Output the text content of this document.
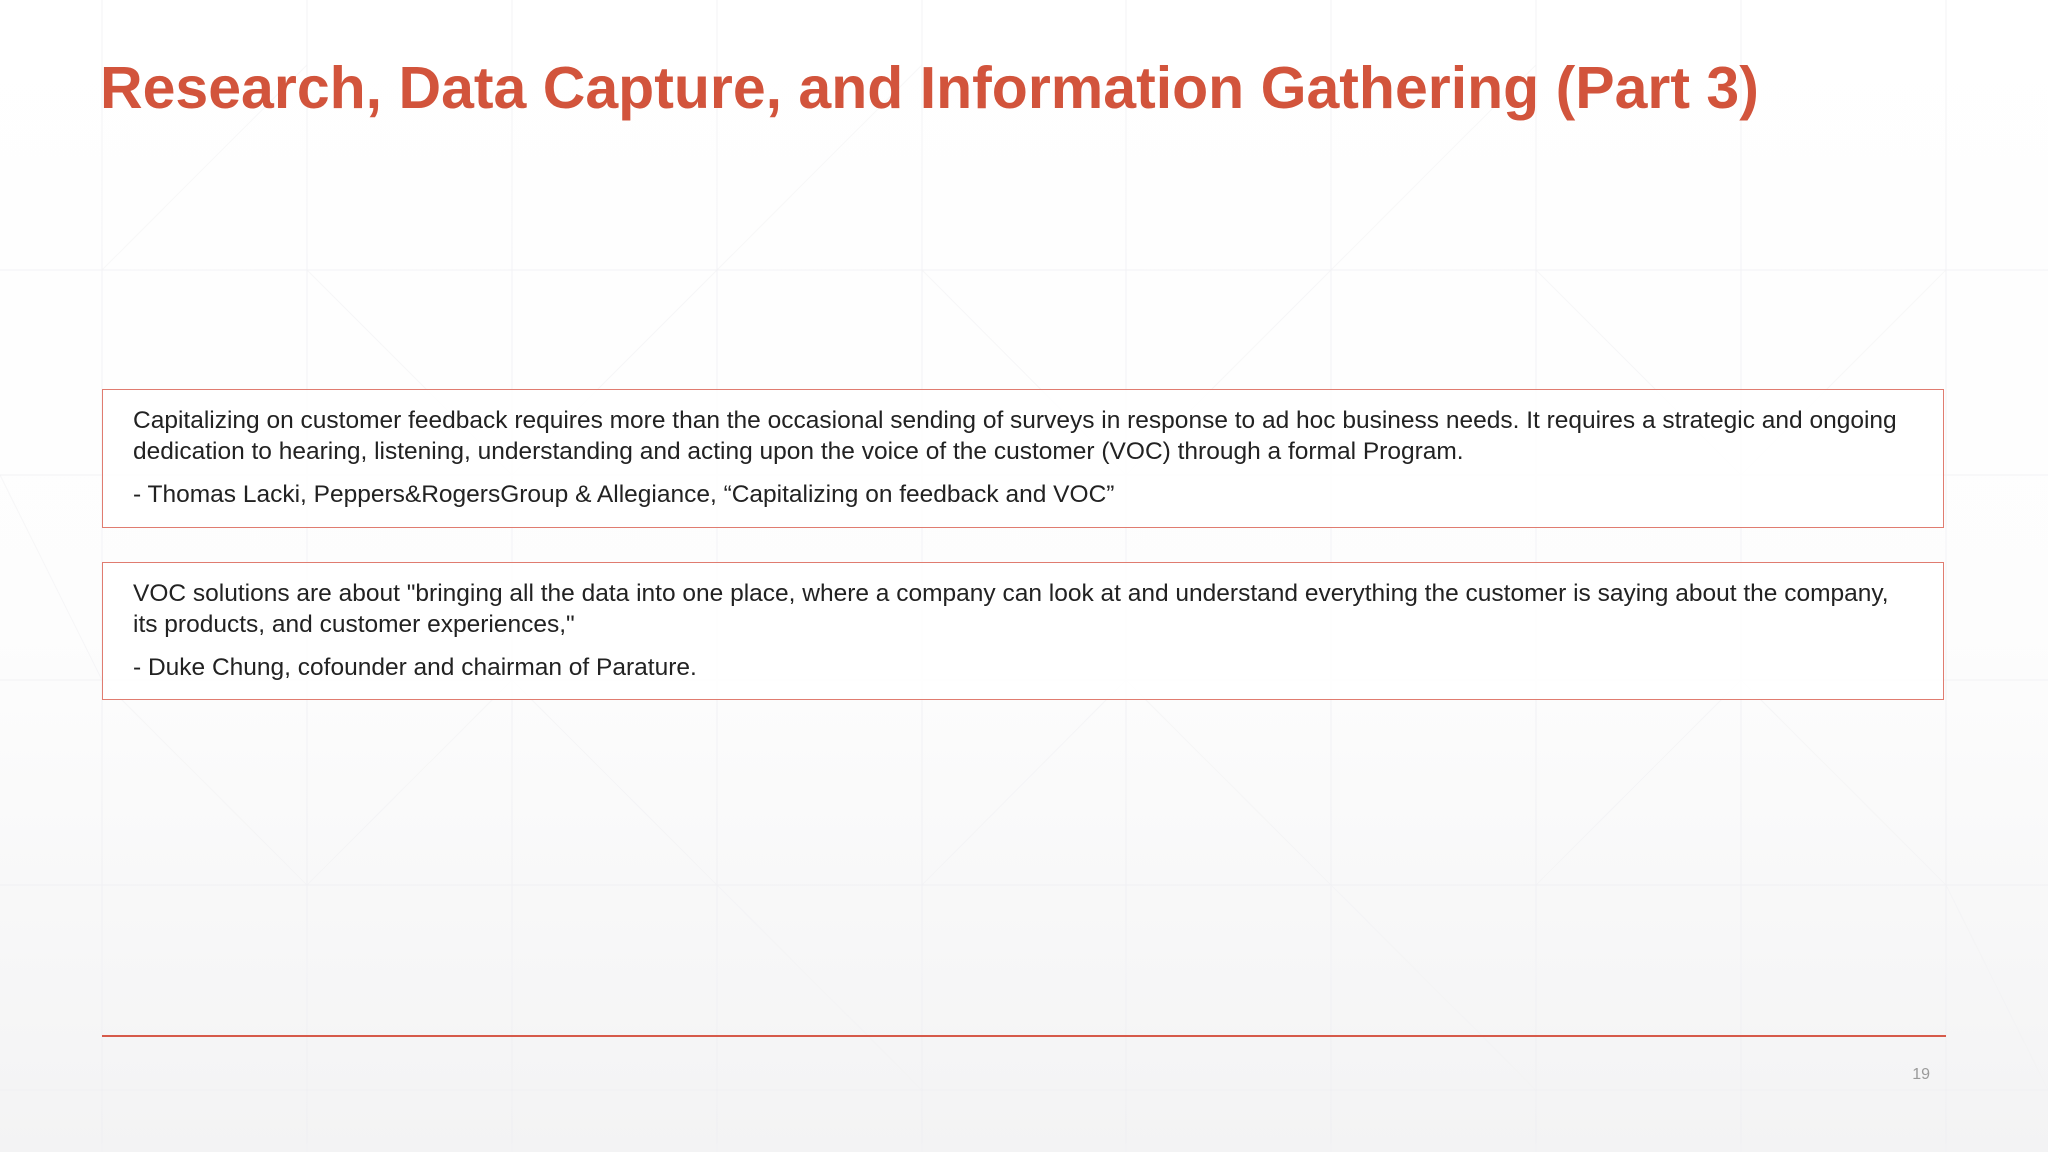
Research, Data Capture, and Information Gathering (Part 3)

Capitalizing on customer feedback requires more than the occasional sending of surveys in response to ad hoc business needs. It requires a strategic and ongoing dedication to hearing, listening, understanding and acting upon the voice of the customer (VOC) through a formal Program.

- Thomas Lacki, Peppers&RogersGroup & Allegiance, “Capitalizing on feedback and VOC”

VOC solutions are about "bringing all the data into one place, where a company can look at and understand everything the customer is saying about the company, its products, and customer experiences,"

- Duke Chung, cofounder and chairman of Parature.

19
